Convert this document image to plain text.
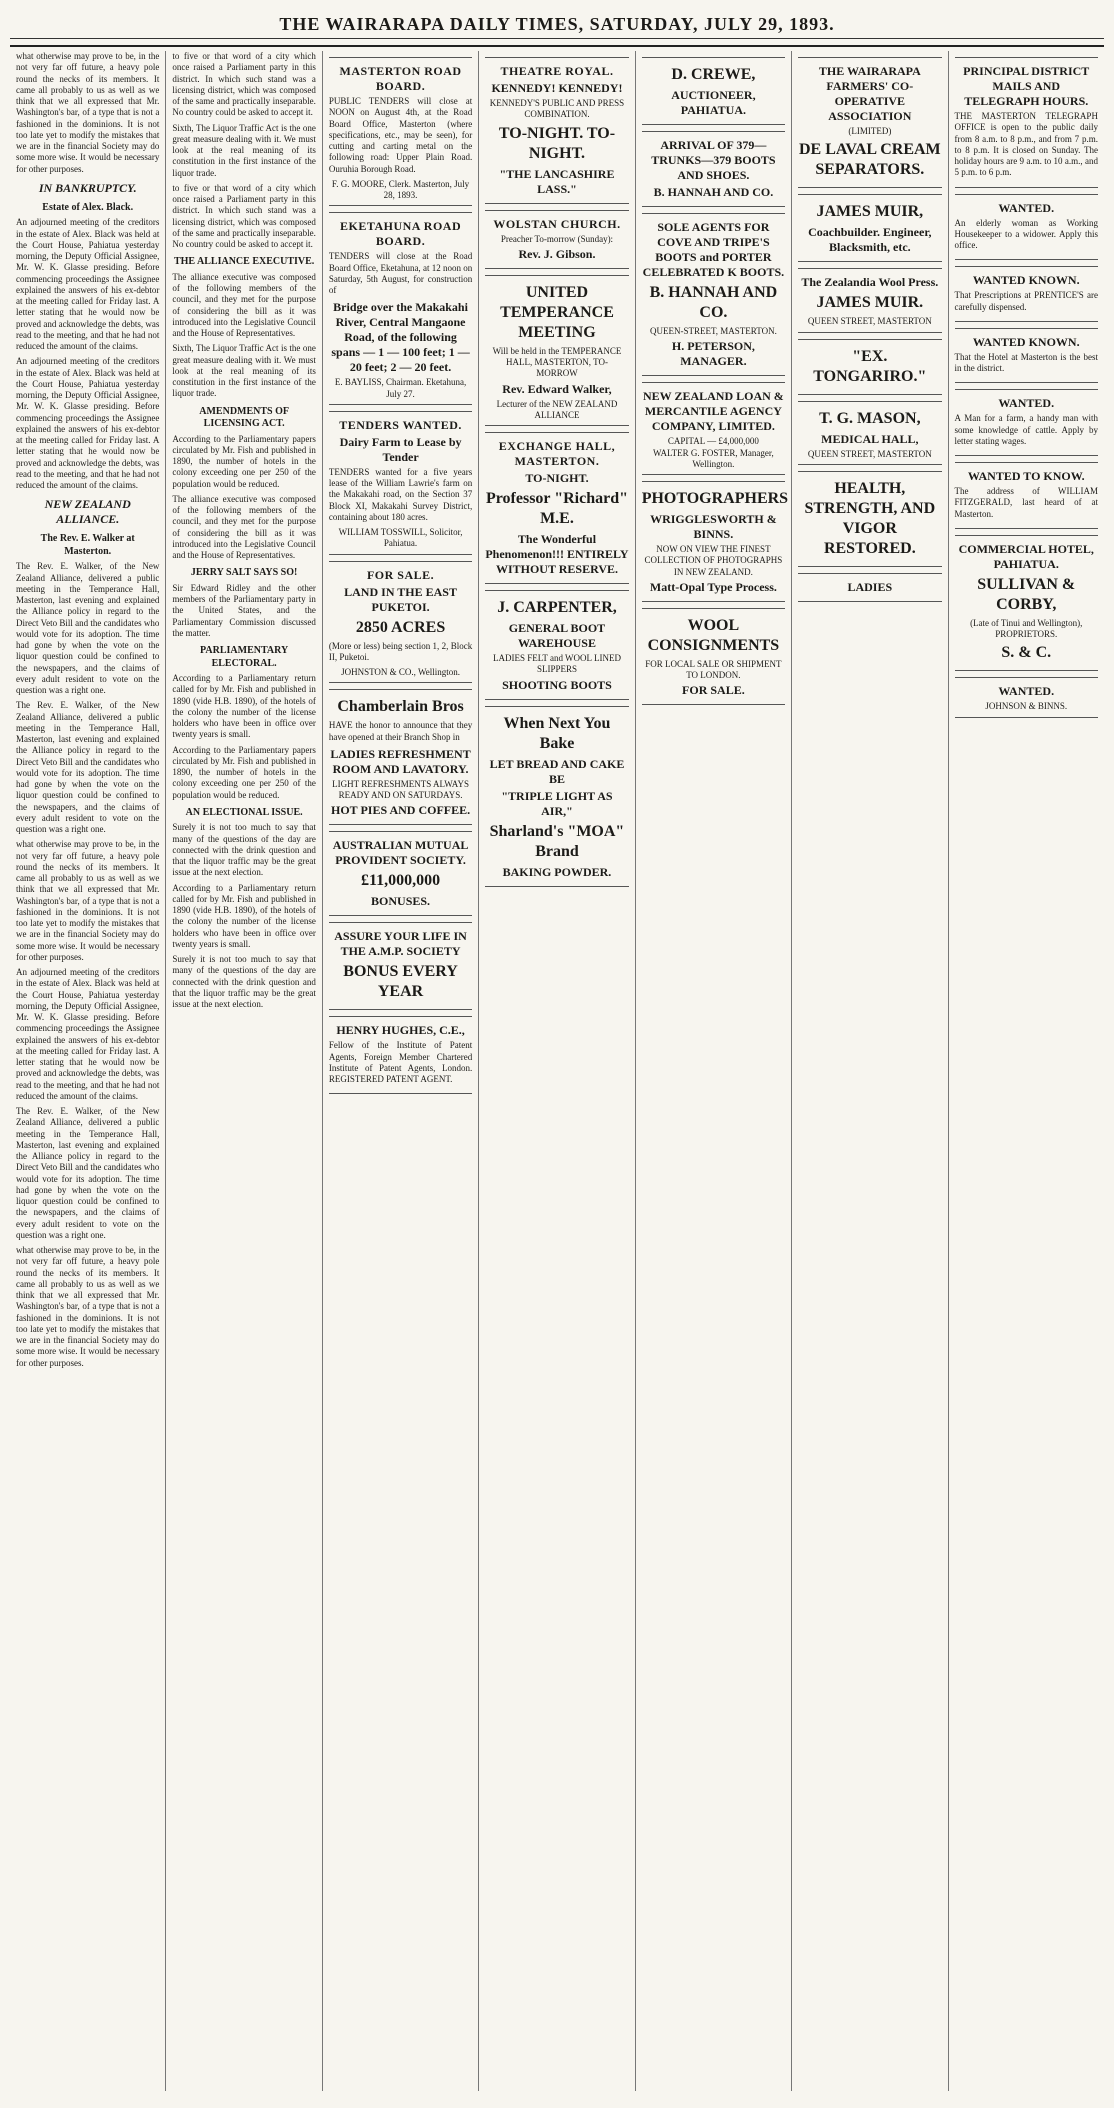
THE WAIRARAPA DAILY TIMES, SATURDAY, JULY 29, 1893.

what otherwise may prove to be, in the not very far off future, a heavy pole round the necks of its members. It came all probably to us as well as we think that we all expressed that Mr. Washington's bar, of a type that is not a fashioned in the dominions. It is not too late yet to modify the mistakes that we are in the financial Society may do some more wise. It would be necessary for other purposes.

IN BANKRUPTCY.
Estate of Alex. Black.

An adjourned meeting of the creditors in the estate of Alex. Black was held at the Court House, Pahiatua yesterday morning, the Deputy Official Assignee, Mr. W. K. Glasse presiding. Before commencing proceedings the Assignee explained the answers of his ex-debtor at the meeting called for Friday last. A letter stating that he would now be proved and acknowledge the debts, was read to the meeting, and that he had not reduced the amount of the claims.

An adjourned meeting of the creditors in the estate of Alex. Black was held at the Court House, Pahiatua yesterday morning, the Deputy Official Assignee, Mr. W. K. Glasse presiding. Before commencing proceedings the Assignee explained the answers of his ex-debtor at the meeting called for Friday last. A letter stating that he would now be proved and acknowledge the debts, was read to the meeting, and that he had not reduced the amount of the claims.

NEW ZEALAND ALLIANCE.
The Rev. E. Walker at Masterton.

The Rev. E. Walker, of the New Zealand Alliance, delivered a public meeting in the Temperance Hall, Masterton, last evening and explained the Alliance policy in regard to the Direct Veto Bill and the candidates who would vote for its adoption. The time had gone by when the vote on the liquor question could be confined to the newspapers, and the claims of every adult resident to vote on the question was a right one.

The Rev. E. Walker, of the New Zealand Alliance, delivered a public meeting in the Temperance Hall, Masterton, last evening and explained the Alliance policy in regard to the Direct Veto Bill and the candidates who would vote for its adoption. The time had gone by when the vote on the liquor question could be confined to the newspapers, and the claims of every adult resident to vote on the question was a right one.

what otherwise may prove to be, in the not very far off future, a heavy pole round the necks of its members. It came all probably to us as well as we think that we all expressed that Mr. Washington's bar, of a type that is not a fashioned in the dominions. It is not too late yet to modify the mistakes that we are in the financial Society may do some more wise. It would be necessary for other purposes.

An adjourned meeting of the creditors in the estate of Alex. Black was held at the Court House, Pahiatua yesterday morning, the Deputy Official Assignee, Mr. W. K. Glasse presiding. Before commencing proceedings the Assignee explained the answers of his ex-debtor at the meeting called for Friday last. A letter stating that he would now be proved and acknowledge the debts, was read to the meeting, and that he had not reduced the amount of the claims.

The Rev. E. Walker, of the New Zealand Alliance, delivered a public meeting in the Temperance Hall, Masterton, last evening and explained the Alliance policy in regard to the Direct Veto Bill and the candidates who would vote for its adoption. The time had gone by when the vote on the liquor question could be confined to the newspapers, and the claims of every adult resident to vote on the question was a right one.

what otherwise may prove to be, in the not very far off future, a heavy pole round the necks of its members. It came all probably to us as well as we think that we all expressed that Mr. Washington's bar, of a type that is not a fashioned in the dominions. It is not too late yet to modify the mistakes that we are in the financial Society may do some more wise. It would be necessary for other purposes.

to five or that word of a city which once raised a Parliament party in this district. In which such stand was a licensing district, which was composed of the same and practically inseparable. No country could be asked to accept it.

Sixth, The Liquor Traffic Act is the one great measure dealing with it. We must look at the real meaning of its constitution in the first instance of the liquor trade.

to five or that word of a city which once raised a Parliament party in this district. In which such stand was a licensing district, which was composed of the same and practically inseparable. No country could be asked to accept it.

THE ALLIANCE EXECUTIVE.

The alliance executive was composed of the following members of the council, and they met for the purpose of considering the bill as it was introduced into the Legislative Council and the House of Representatives.

Sixth, The Liquor Traffic Act is the one great measure dealing with it. We must look at the real meaning of its constitution in the first instance of the liquor trade.

AMENDMENTS OF LICENSING ACT.

According to the Parliamentary papers circulated by Mr. Fish and published in 1890, the number of hotels in the colony exceeding one per 250 of the population would be reduced.

The alliance executive was composed of the following members of the council, and they met for the purpose of considering the bill as it was introduced into the Legislative Council and the House of Representatives.

JERRY SALT SAYS SO!

Sir Edward Ridley and the other members of the Parliamentary party in the United States, and the Parliamentary Commission discussed the matter.

PARLIAMENTARY ELECTORAL.

According to a Parliamentary return called for by Mr. Fish and published in 1890 (vide H.B. 1890), of the hotels of the colony the number of the license holders who have been in office over twenty years is small.

According to the Parliamentary papers circulated by Mr. Fish and published in 1890, the number of hotels in the colony exceeding one per 250 of the population would be reduced.

AN ELECTIONAL ISSUE.

Surely it is not too much to say that many of the questions of the day are connected with the drink question and that the liquor traffic may be the great issue at the next election.

According to a Parliamentary return called for by Mr. Fish and published in 1890 (vide H.B. 1890), of the hotels of the colony the number of the license holders who have been in office over twenty years is small.

Surely it is not too much to say that many of the questions of the day are connected with the drink question and that the liquor traffic may be the great issue at the next election.

MASTERTON ROAD BOARD.

PUBLIC TENDERS will close at NOON on August 4th, at the Road Board Office, Masterton (where specifications, etc., may be seen), for cutting and carting metal on the following road: Upper Plain Road. Ouruhia Borough Road.

F. G. MOORE, Clerk. Masterton, July 28, 1893.
EKETAHUNA ROAD BOARD.

TENDERS will close at the Road Board Office, Eketahuna, at 12 noon on Saturday, 5th August, for construction of

Bridge over the Makakahi River, Central Mangaone Road, of the following spans — 1 — 100 feet; 1 — 20 feet; 2 — 20 feet.
E. BAYLISS, Chairman. Eketahuna, July 27.
TENDERS WANTED.
Dairy Farm to Lease by Tender

TENDERS wanted for a five years lease of the William Lawrie's farm on the Makakahi road, on the Section 37 Block XI, Makakahi Survey District, containing about 180 acres.

WILLIAM TOSSWILL, Solicitor, Pahiatua.
FOR SALE.
LAND IN THE EAST PUKETOI.
2850 ACRES

(More or less) being section 1, 2, Block II, Puketoi.

JOHNSTON & CO., Wellington.
Chamberlain Bros

HAVE the honor to announce that they have opened at their Branch Shop in

LADIES REFRESHMENT ROOM AND LAVATORY.
LIGHT REFRESHMENTS ALWAYS READY AND ON SATURDAYS.
HOT PIES AND COFFEE.
AUSTRALIAN MUTUAL PROVIDENT SOCIETY.
£11,000,000
BONUSES.
ASSURE YOUR LIFE IN THE A.M.P. SOCIETY
BONUS EVERY YEAR
HENRY HUGHES, C.E.,

Fellow of the Institute of Patent Agents, Foreign Member Chartered Institute of Patent Agents, London. REGISTERED PATENT AGENT.

THEATRE ROYAL.
KENNEDY! KENNEDY!
KENNEDY'S PUBLIC AND PRESS COMBINATION.
TO-NIGHT. TO-NIGHT.
"THE LANCASHIRE LASS."
WOLSTAN CHURCH.
Preacher To-morrow (Sunday):
Rev. J. Gibson.
UNITED TEMPERANCE MEETING
Will be held in the TEMPERANCE HALL, MASTERTON, TO-MORROW
Rev. Edward Walker,
Lecturer of the NEW ZEALAND ALLIANCE
EXCHANGE HALL, MASTERTON.
TO-NIGHT.
Professor "Richard" M.E.
The Wonderful Phenomenon!!! ENTIRELY WITHOUT RESERVE.
J. CARPENTER,
GENERAL BOOT WAREHOUSE
LADIES FELT and WOOL LINED SLIPPERS
SHOOTING BOOTS
When Next You Bake
LET BREAD AND CAKE BE
"TRIPLE LIGHT AS AIR,"
Sharland's "MOA" Brand
BAKING POWDER.
D. CREWE,
AUCTIONEER, PAHIATUA.
ARRIVAL OF 379—TRUNKS—379 BOOTS AND SHOES.
B. HANNAH AND CO.
SOLE AGENTS FOR COVE AND TRIPE'S BOOTS and PORTER CELEBRATED K BOOTS.
B. HANNAH AND CO.
QUEEN-STREET, MASTERTON.
H. PETERSON, MANAGER.
NEW ZEALAND LOAN & MERCANTILE AGENCY COMPANY, LIMITED.
CAPITAL — £4,000,000
WALTER G. FOSTER, Manager, Wellington.
PHOTOGRAPHERS
WRIGGLESWORTH & BINNS.
NOW ON VIEW THE FINEST COLLECTION OF PHOTOGRAPHS IN NEW ZEALAND.
Matt-Opal Type Process.
WOOL CONSIGNMENTS
FOR LOCAL SALE OR SHIPMENT TO LONDON.
FOR SALE.
THE WAIRARAPA FARMERS' CO-OPERATIVE ASSOCIATION
(LIMITED)
DE LAVAL CREAM SEPARATORS.
JAMES MUIR,
Coachbuilder. Engineer, Blacksmith, etc.
The Zealandia Wool Press.
JAMES MUIR.
QUEEN STREET, MASTERTON
"EX. TONGARIRO."
T. G. MASON,
MEDICAL HALL,
QUEEN STREET, MASTERTON
HEALTH, STRENGTH, AND VIGOR RESTORED.
LADIES
PRINCIPAL DISTRICT MAILS AND TELEGRAPH HOURS.

THE MASTERTON TELEGRAPH OFFICE is open to the public daily from 8 a.m. to 8 p.m., and from 7 p.m. to 8 p.m. It is closed on Sunday. The holiday hours are 9 a.m. to 10 a.m., and 5 p.m. to 6 p.m.

WANTED.

An elderly woman as Working Housekeeper to a widower. Apply this office.

WANTED KNOWN.

That Prescriptions at PRENTICE'S are carefully dispensed.

WANTED KNOWN.

That the Hotel at Masterton is the best in the district.

WANTED.

A Man for a farm, a handy man with some knowledge of cattle. Apply by letter stating wages.

WANTED TO KNOW.

The address of WILLIAM FITZGERALD, last heard of at Masterton.

COMMERCIAL HOTEL, PAHIATUA.
SULLIVAN & CORBY,
(Late of Tinui and Wellington), PROPRIETORS.
S. & C.
WANTED.
JOHNSON & BINNS.
